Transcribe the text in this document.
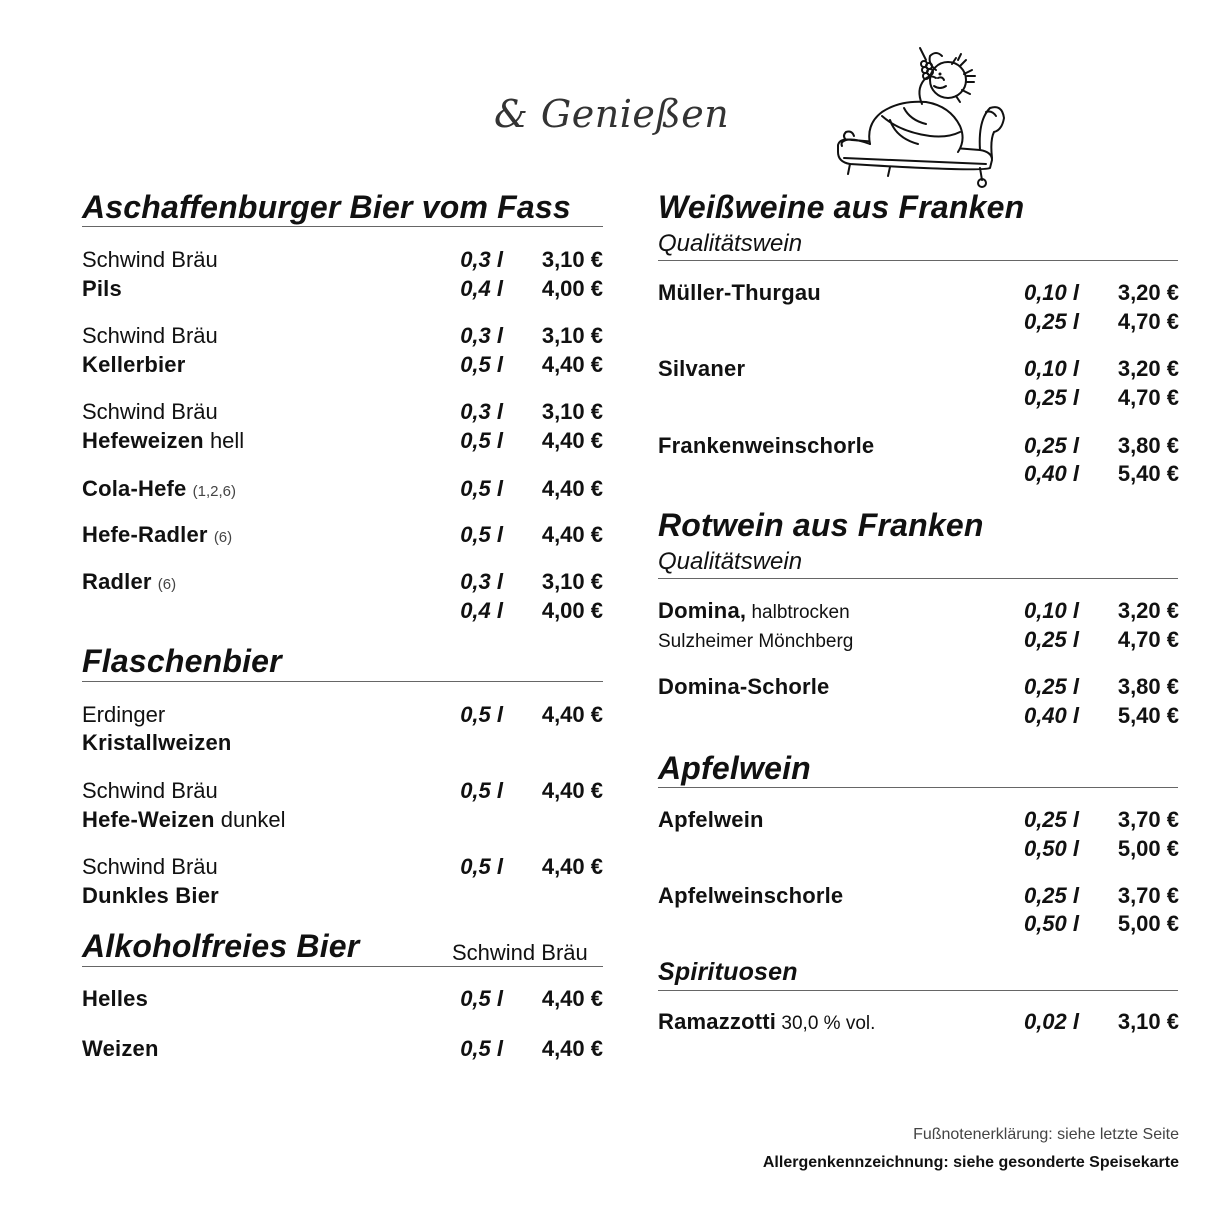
& Genießen
Aschaffenburger Bier vom Fass
Schwind Bräu	0,3 l	3,10 €
Pils	0,4 l	4,00 €
Schwind Bräu	0,3 l	3,10 €
Kellerbier	0,5 l	4,40 €
Schwind Bräu	0,3 l	3,10 €
Hefeweizen hell	0,5 l	4,40 €
Cola-Hefe (1,2,6)	0,5 l	4,40 €
Hefe-Radler (6)	0,5 l	4,40 €
Radler (6)	0,3 l	3,10 €
0,4 l	4,00 €
Flaschenbier
Erdinger	0,5 l	4,40 €
Kristallweizen
Schwind Bräu	0,5 l	4,40 €
Hefe-Weizen dunkel
Schwind Bräu	0,5 l	4,40 €
Dunkles Bier
Alkoholfreies Bier	Schwind Bräu
Helles	0,5 l	4,40 €
Weizen	0,5 l	4,40 €
Weißweine aus Franken
Qualitätswein
Müller-Thurgau	0,10 l	3,20 €
0,25 l	4,70 €
Silvaner	0,10 l	3,20 €
0,25 l	4,70 €
Frankenweinschorle	0,25 l	3,80 €
0,40 l	5,40 €
Rotwein aus Franken
Qualitätswein
Domina, halbtrocken	0,10 l	3,20 €
Sulzheimer Mönchberg	0,25 l	4,70 €
Domina-Schorle	0,25 l	3,80 €
0,40 l	5,40 €
Apfelwein
Apfelwein	0,25 l	3,70 €
0,50 l	5,00 €
Apfelweinschorle	0,25 l	3,70 €
0,50 l	5,00 €
Spirituosen
Ramazzotti 30,0 % vol.	0,02 l	3,10 €
Fußnotenerklärung: siehe letzte Seite
Allergenkennzeichnung: siehe gesonderte Speisekarte
